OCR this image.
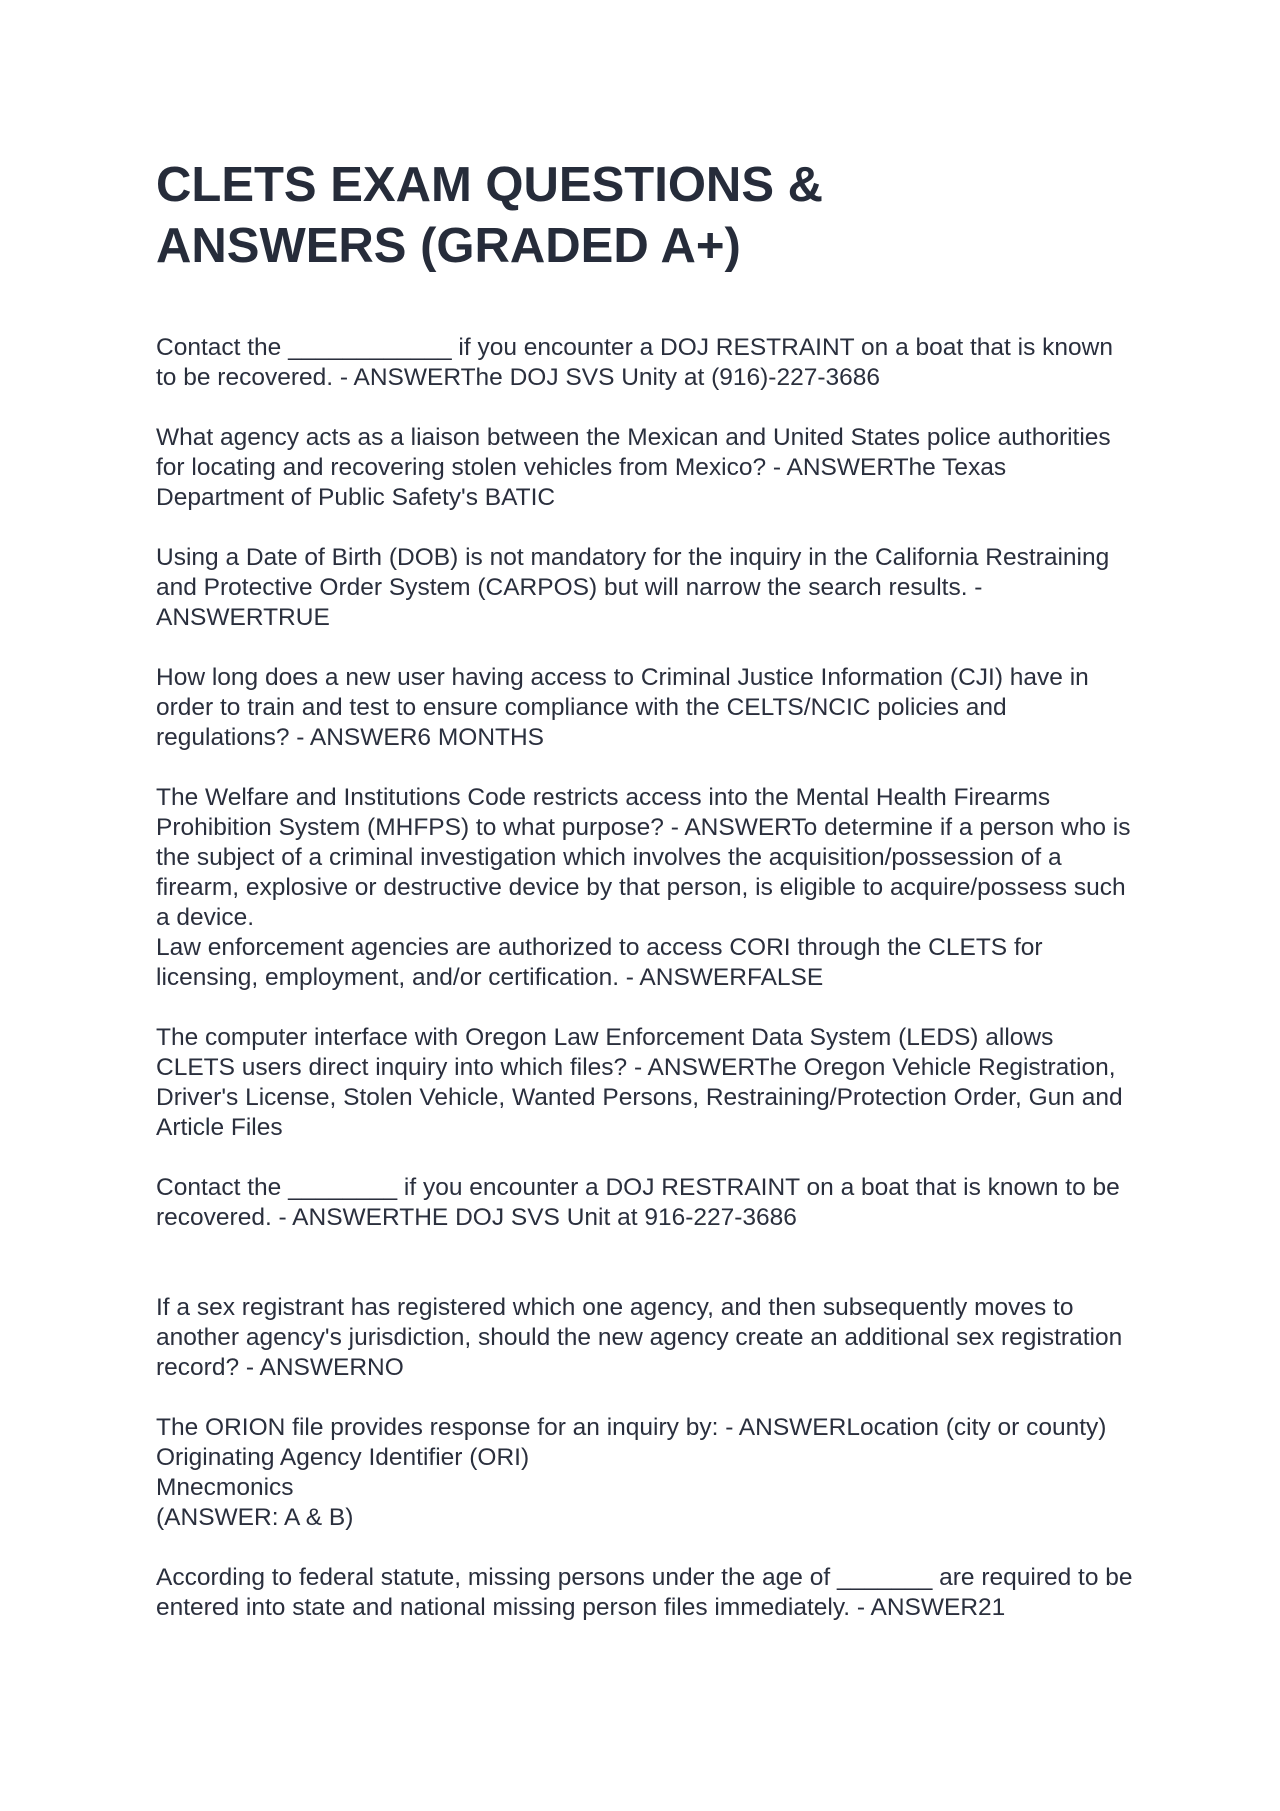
CLETS EXAM QUESTIONS &
ANSWERS (GRADED A+)

Contact the ____________ if you encounter a DOJ RESTRAINT on a boat that is known to be recovered. - ANSWERThe DOJ SVS Unity at (916)-227-3686

What agency acts as a liaison between the Mexican and United States police authorities for locating and recovering stolen vehicles from Mexico? - ANSWERThe Texas Department of Public Safety's BATIC

Using a Date of Birth (DOB) is not mandatory for the inquiry in the California Restraining and Protective Order System (CARPOS) but will narrow the search results. - ANSWERTRUE

How long does a new user having access to Criminal Justice Information (CJI) have in order to train and test to ensure compliance with the CELTS/NCIC policies and regulations? - ANSWER6 MONTHS

The Welfare and Institutions Code restricts access into the Mental Health Firearms Prohibition System (MHFPS) to what purpose? - ANSWERTo determine if a person who is the subject of a criminal investigation which involves the acquisition/possession of a firearm, explosive or destructive device by that person, is eligible to acquire/possess such a device.
Law enforcement agencies are authorized to access CORI through the CLETS for licensing, employment, and/or certification. - ANSWERFALSE

The computer interface with Oregon Law Enforcement Data System (LEDS) allows CLETS users direct inquiry into which files? - ANSWERThe Oregon Vehicle Registration, Driver's License, Stolen Vehicle, Wanted Persons, Restraining/Protection Order, Gun and Article Files

Contact the ________ if you encounter a DOJ RESTRAINT on a boat that is known to be recovered. - ANSWERTHE DOJ SVS Unit at 916-227-3686

If a sex registrant has registered which one agency, and then subsequently moves to another agency's jurisdiction, should the new agency create an additional sex registration record? - ANSWERNO

The ORION file provides response for an inquiry by: - ANSWERLocation (city or county)
Originating Agency Identifier (ORI)
Mnecmonics
(ANSWER: A & B)

According to federal statute, missing persons under the age of _______ are required to be entered into state and national missing person files immediately. - ANSWER21
